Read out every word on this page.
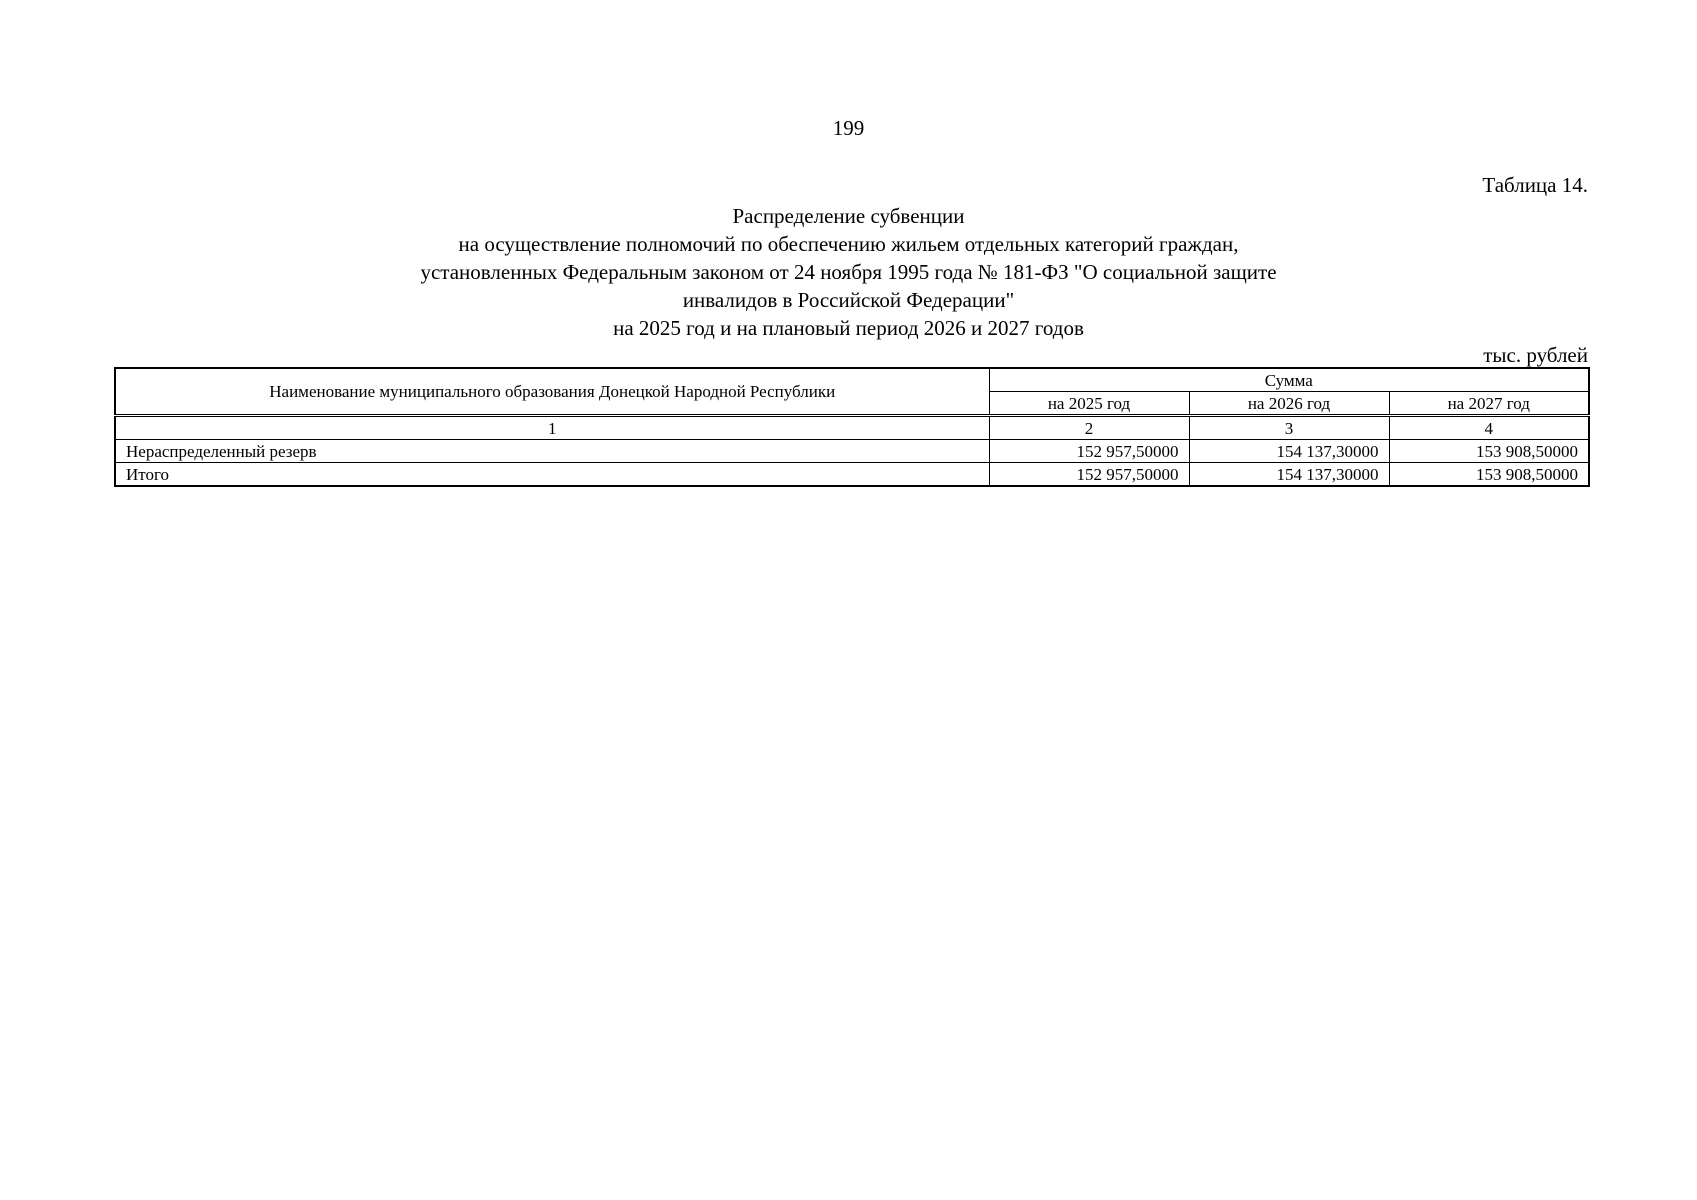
199
Таблица 14.
Распределение субвенции
на осуществление полномочий по обеспечению жильем отдельных категорий граждан,
установленных Федеральным законом от 24 ноября 1995 года № 181-ФЗ "О социальной защите
инвалидов в Российской Федерации"
на 2025 год и на плановый период 2026 и 2027 годов
тыс. рублей
Наименование муниципального образования Донецкой Народной Республики	Сумма		
	на 2025 год	на 2026 год	на 2027 год
1	2	3	4
Нераспределенный резерв	152 957,50000	154 137,30000	153 908,50000
Итого	152 957,50000	154 137,30000	153 908,50000
